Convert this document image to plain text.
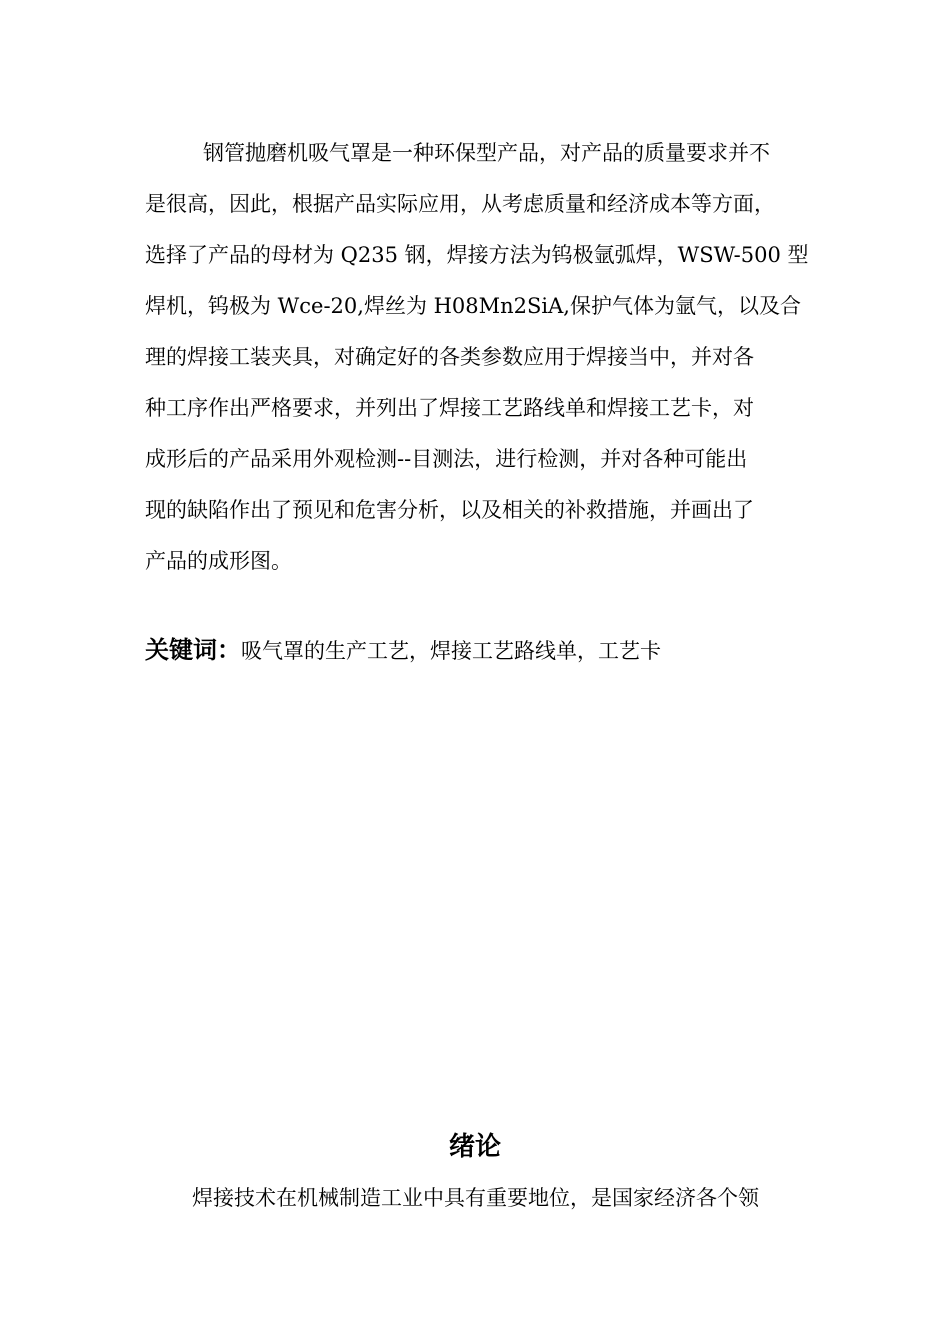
钢管抛磨机吸气罩是一种环保型产品，对产品的质量要求并不
是很高，因此，根据产品实际应用，从考虑质量和经济成本等方面，
选择了产品的母材为 Q235 钢，焊接方法为钨极氩弧焊，WSW-500 型
焊机，钨极为 Wce-20,焊丝为 H08Mn2SiA,保护气体为氩气，以及合
理的焊接工装夹具，对确定好的各类参数应用于焊接当中，并对各
种工序作出严格要求，并列出了焊接工艺路线单和焊接工艺卡，对
成形后的产品采用外观检测--目测法，进行检测，并对各种可能出
现的缺陷作出了预见和危害分析，以及相关的补救措施，并画出了
产品的成形图。
关键词：吸气罩的生产工艺，焊接工艺路线单，工艺卡
绪论
焊接技术在机械制造工业中具有重要地位，是国家经济各个领
